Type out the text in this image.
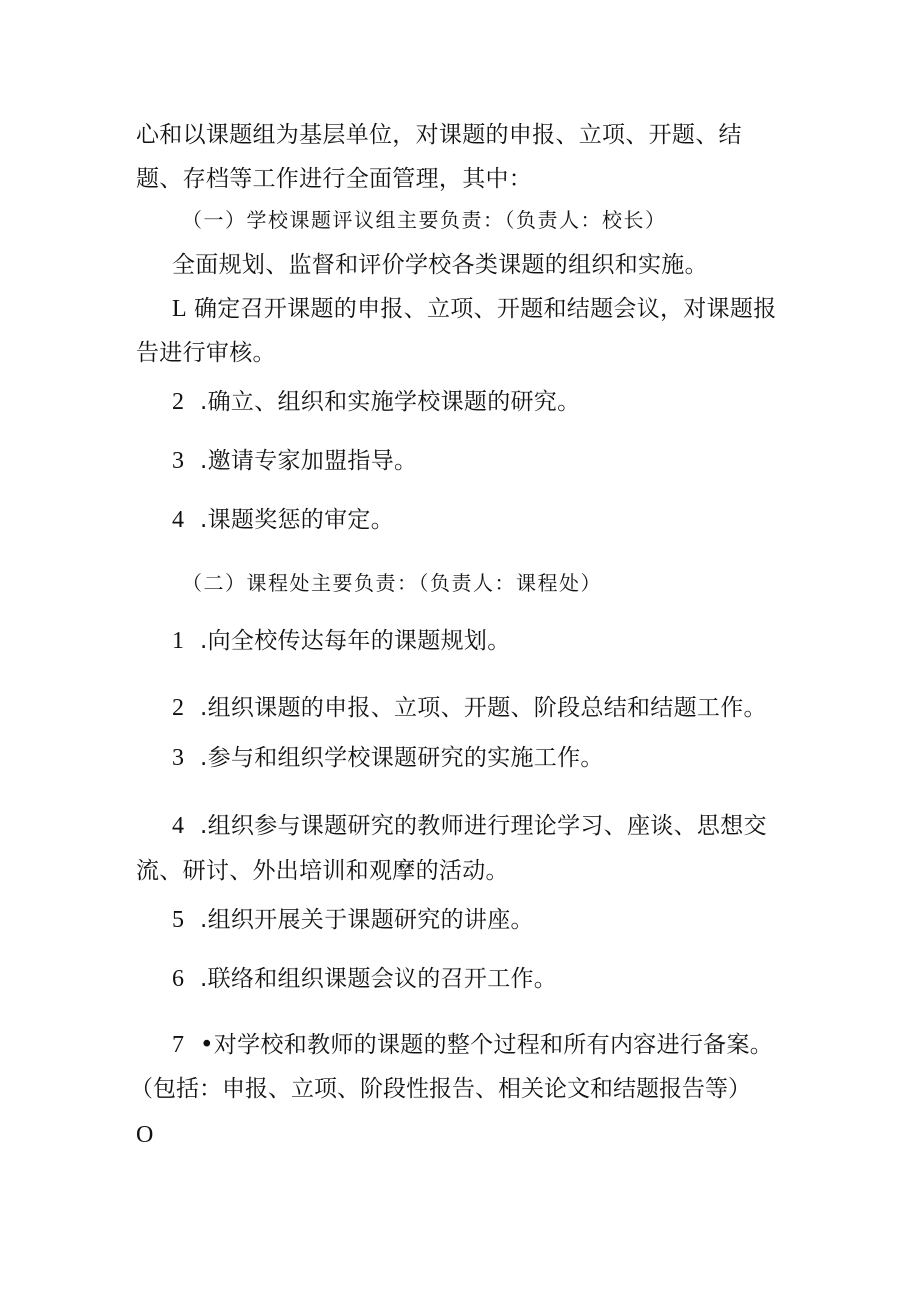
心和以课题组为基层单位，对课题的申报、立项、开题、结
题、存档等工作进行全面管理，其中：
（一）学校课题评议组主要负责：（负责人：校长）
全面规划、监督和评价学校各类课题的组织和实施。
L 确定召开课题的申报、立项、开题和结题会议，对课题报
告进行审核。
2 .确立、组织和实施学校课题的研究。
3 .邀请专家加盟指导。
4 .课题奖惩的审定。
（二）课程处主要负责：（负责人：课程处）
1 .向全校传达每年的课题规划。
2 .组织课题的申报、立项、开题、阶段总结和结题工作。
3 .参与和组织学校课题研究的实施工作。
4 .组织参与课题研究的教师进行理论学习、座谈、思想交
流、研讨、外出培训和观摩的活动。
5 .组织开展关于课题研究的讲座。
6 .联络和组织课题会议的召开工作。
7 •对学校和教师的课题的整个过程和所有内容进行备案。
（包括：申报、立项、阶段性报告、相关论文和结题报告等）
O
